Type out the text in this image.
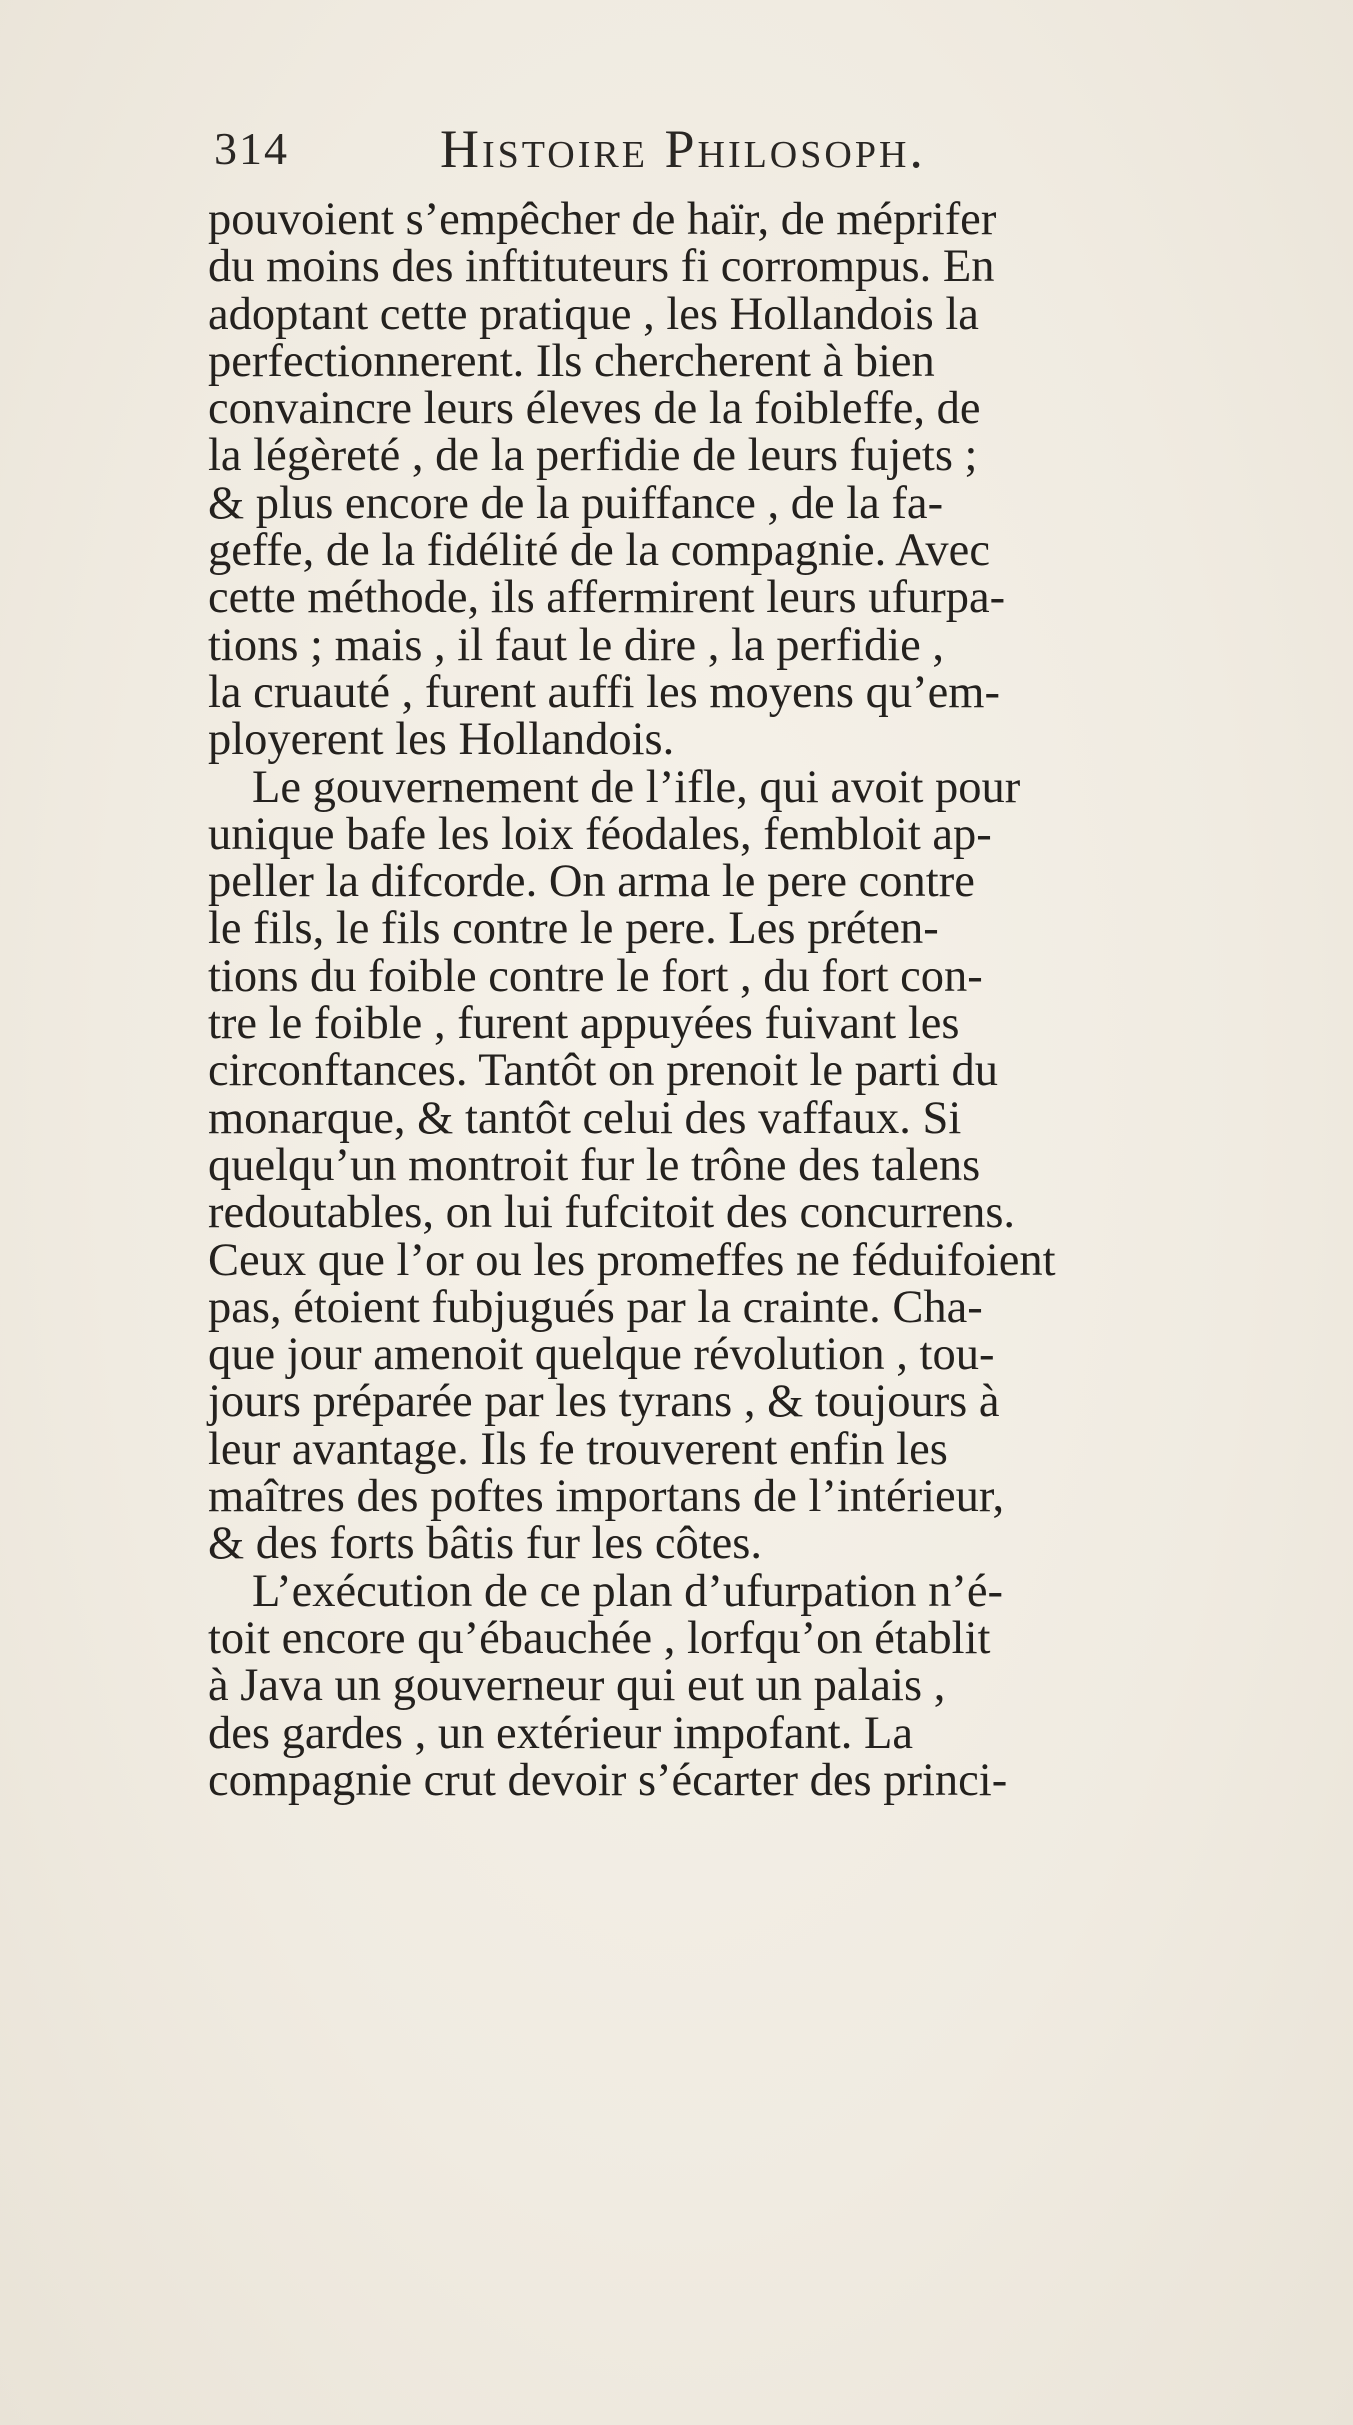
314	Histoire Philosoph.
pouvoient s’empêcher de haïr, de méprifer
du moins des inftituteurs fi corrompus. En
adoptant cette pratique , les Hollandois la
perfectionnerent. Ils chercherent à bien
convaincre leurs éleves de la foibleffe, de
la légèreté , de la perfidie de leurs fujets ;
& plus encore de la puiffance , de la fa-
geffe, de la fidélité de la compagnie. Avec
cette méthode, ils affermirent leurs ufurpa-
tions ; mais , il faut le dire , la perfidie ,
la cruauté , furent auffi les moyens qu’em-
ployerent les Hollandois.
Le gouvernement de l’ifle, qui avoit pour
unique bafe les loix féodales, fembloit ap-
peller la difcorde. On arma le pere contre
le fils, le fils contre le pere. Les préten-
tions du foible contre le fort , du fort con-
tre le foible , furent appuyées fuivant les
circonftances. Tantôt on prenoit le parti du
monarque, & tantôt celui des vaffaux. Si
quelqu’un montroit fur le trône des talens
redoutables, on lui fufcitoit des concurrens.
Ceux que l’or ou les promeffes ne féduifoient
pas, étoient fubjugués par la crainte. Cha-
que jour amenoit quelque révolution , tou-
jours préparée par les tyrans , & toujours à
leur avantage. Ils fe trouverent enfin les
maîtres des poftes importans de l’intérieur,
& des forts bâtis fur les côtes.
L’exécution de ce plan d’ufurpation n’é-
toit encore qu’ébauchée , lorfqu’on établit
à Java un gouverneur qui eut un palais ,
des gardes , un extérieur impofant. La
compagnie crut devoir s’écarter des princi-
